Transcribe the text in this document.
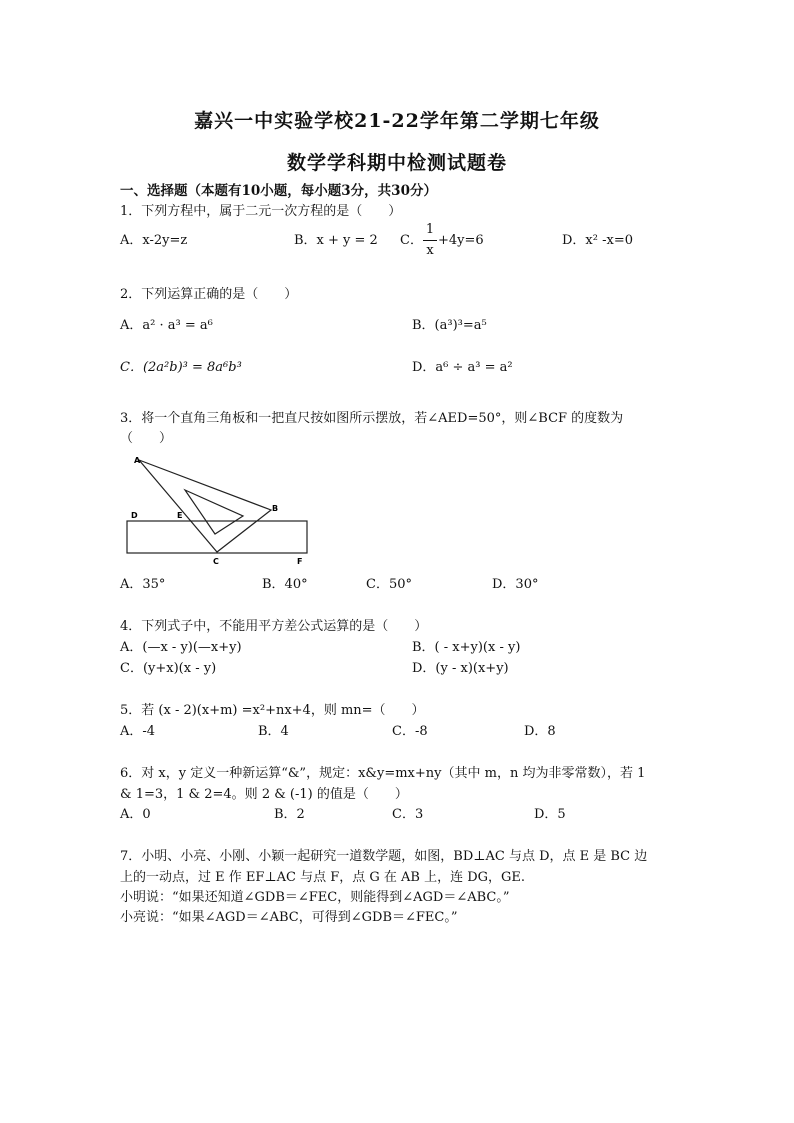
嘉兴一中实验学校21-22学年第二学期七年级
数学学科期中检测试题卷
一、选择题（本题有10小题，每小题3分，共30分）
1．下列方程中，属于二元一次方程的是（　　）
A．x-2y=z	B．x + y = 2 C．
1
x
+4y=6	D．x² -x=0
2．下列运算正确的是（　　）
A．a² · a³ = a⁶	B．(a³)³=a⁵
C．(2a²b)³ = 8a⁶b³	D．a⁶ ÷ a³ = a²
3．将一个直角三角板和一把直尺按如图所示摆放，若∠AED=50°，则∠BCF 的度数为
（　　）
A
B
D	E
C	F
A．35°	B．40°	C．50°	D．30°
4．下列式子中，不能用平方差公式运算的是（　　）
A．(—x - y)(—x+y)	B．( - x+y)(x - y)
C．(y+x)(x - y)	D．(y - x)(x+y)
5．若 (x - 2)(x+m) =x²+nx+4，则 mn=（　　）
A．-4	B．4	C．-8	D．8
6．对 x，y 定义一种新运算“&”，规定：x&y=mx+ny（其中 m，n 均为非零常数），若 1
& 1=3，1 & 2=4。则 2 & (-1) 的值是（　　）
A．0	B．2	C．3	D．5
7．小明、小亮、小刚、小颖一起研究一道数学题，如图，BD⊥AC 与点 D，点 E 是 BC 边
上的一动点，过 E 作 EF⊥AC 与点 F，点 G 在 AB 上，连 DG，GE.
小明说：“如果还知道∠GDB＝∠FEC，则能得到∠AGD＝∠ABC。”
小亮说：“如果∠AGD＝∠ABC，可得到∠GDB＝∠FEC。”
